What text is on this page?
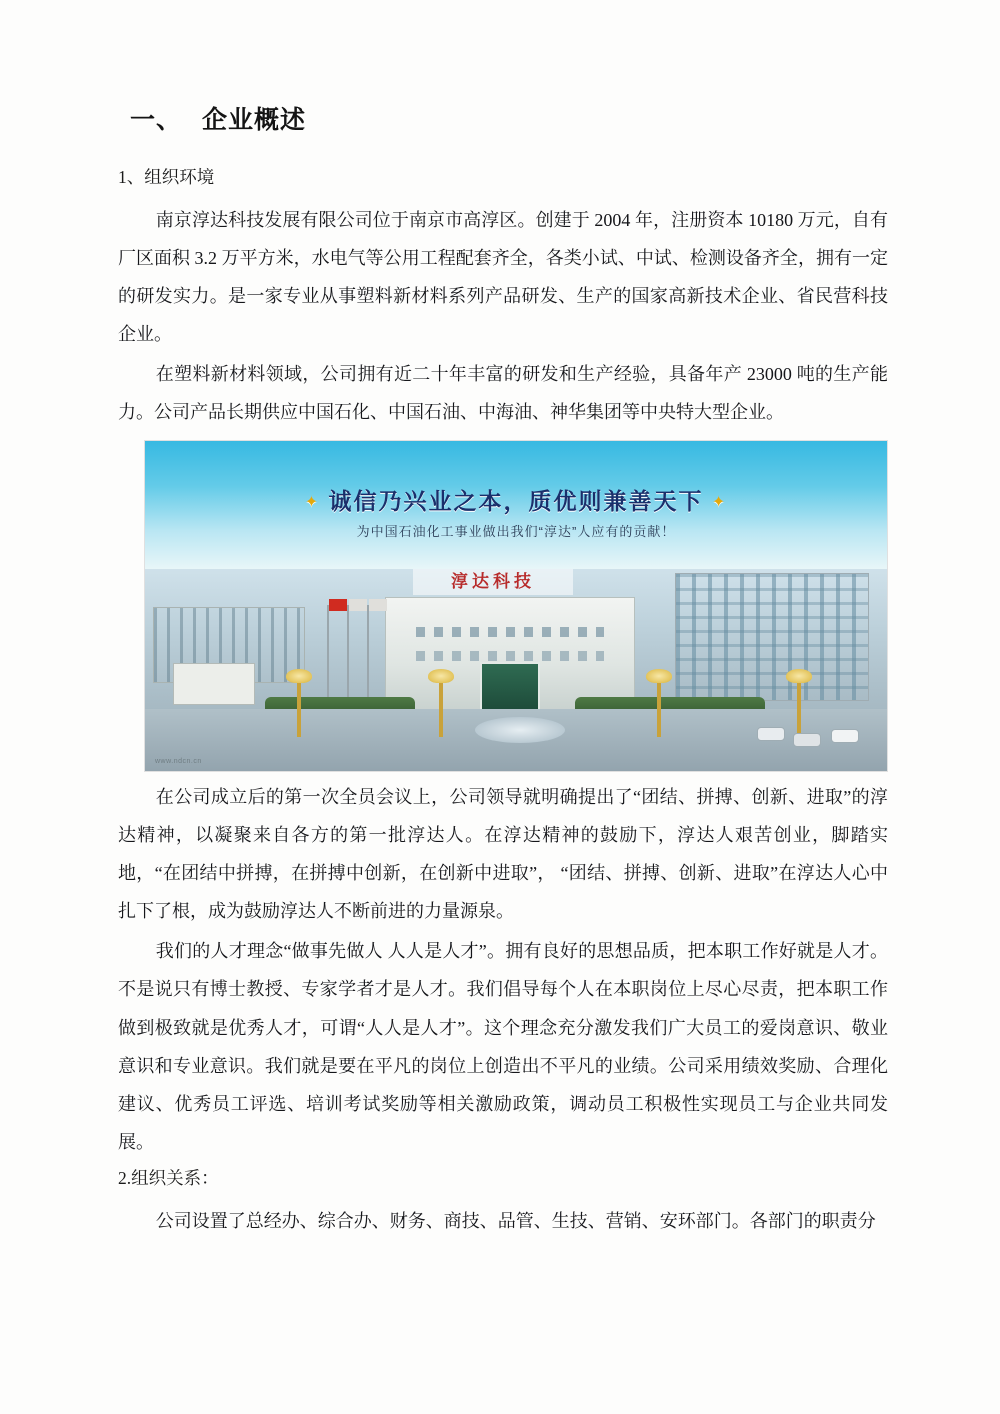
一、 企业概述
1、组织环境

南京淳达科技发展有限公司位于南京市高淳区。创建于 2004 年，注册资本 10180 万元，自有厂区面积 3.2 万平方米，水电气等公用工程配套齐全，各类小试、中试、检测设备齐全，拥有一定的研发实力。是一家专业从事塑料新材料系列产品研发、生产的国家高新技术企业、省民营科技企业。

在塑料新材料领域，公司拥有近二十年丰富的研发和生产经验，具备年产 23000 吨的生产能力。公司产品长期供应中国石化、中国石油、中海油、神华集团等中央特大型企业。

✦ 诚信乃兴业之本，质优则兼善天下 ✦
为中国石油化工事业做出我们“淳达”人应有的贡献！
淳达科技
www.ndcn.cn

在公司成立后的第一次全员会议上，公司领导就明确提出了“团结、拼搏、创新、进取”的淳达精神，以凝聚来自各方的第一批淳达人。在淳达精神的鼓励下，淳达人艰苦创业，脚踏实地，“在团结中拼搏，在拼搏中创新，在创新中进取”， “团结、拼搏、创新、进取”在淳达人心中扎下了根，成为鼓励淳达人不断前进的力量源泉。

我们的人才理念“做事先做人 人人是人才”。拥有良好的思想品质，把本职工作好就是人才。不是说只有博士教授、专家学者才是人才。我们倡导每个人在本职岗位上尽心尽责，把本职工作做到极致就是优秀人才，可谓“人人是人才”。这个理念充分激发我们广大员工的爱岗意识、敬业意识和专业意识。我们就是要在平凡的岗位上创造出不平凡的业绩。公司采用绩效奖励、合理化建议、优秀员工评选、培训考试奖励等相关激励政策，调动员工积极性实现员工与企业共同发展。

2.组织关系：

公司设置了总经办、综合办、财务、商技、品管、生技、营销、安环部门。各部门的职责分
